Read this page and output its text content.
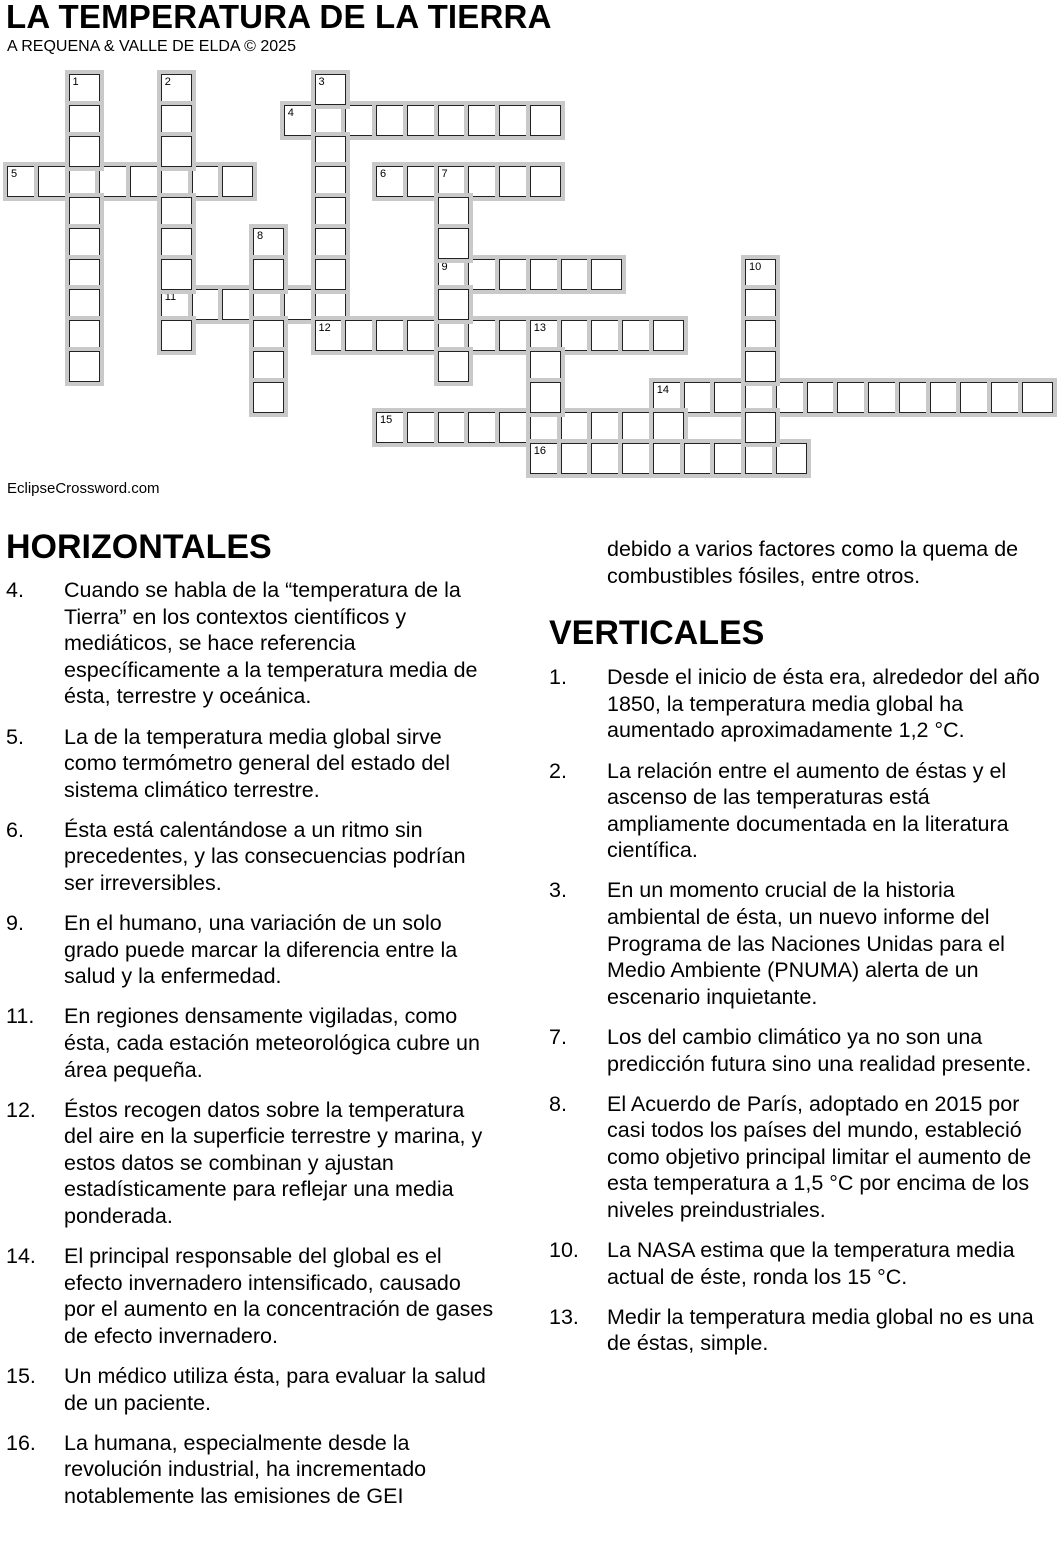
LA TEMPERATURA DE LA TIERRA
A REQUENA & VALLE DE ELDA © 2025
5
4
6	7
9
11
12	13
14
15
16
1	2	3
8
10
EclipseCrossword.com
HORIZONTALES
4.	Cuando se habla de la “temperatura de la Tierra” en los contextos científicos y mediáticos, se hace referencia específicamente a la temperatura media de ésta, terrestre y oceánica.
5.	La de la temperatura media global sirve como termómetro general del estado del sistema climático terrestre.
6.	Ésta está calentándose a un ritmo sin precedentes, y las consecuencias podrían ser irreversibles.
9.	En el humano, una variación de un solo grado puede marcar la diferencia entre la salud y la enfermedad.
11.	En regiones densamente vigiladas, como ésta, cada estación meteorológica cubre un área pequeña.
12.	Éstos recogen datos sobre la temperatura del aire en la superficie terrestre y marina, y estos datos se combinan y ajustan estadísticamente para reflejar una media ponderada.
14.	El principal responsable del global es el efecto invernadero intensificado, causado por el aumento en la concentración de gases de efecto invernadero.
15.	Un médico utiliza ésta, para evaluar la salud de un paciente.
16.	La humana, especialmente desde la revolución industrial, ha incrementado notablemente las emisiones de GEI
debido a varios factores como la quema de combustibles fósiles, entre otros.
VERTICALES
1.	Desde el inicio de ésta era, alrededor del año 1850, la temperatura media global ha aumentado aproximadamente 1,2 °C.
2.	La relación entre el aumento de éstas y el ascenso de las temperaturas está ampliamente documentada en la literatura científica.
3.	En un momento crucial de la historia ambiental de ésta, un nuevo informe del Programa de las Naciones Unidas para el Medio Ambiente (PNUMA) alerta de un escenario inquietante.
7.	Los del cambio climático ya no son una predicción futura sino una realidad presente.
8.	El Acuerdo de París, adoptado en 2015 por casi todos los países del mundo, estableció como objetivo principal limitar el aumento de esta temperatura a 1,5 °C por encima de los niveles preindustriales.
10.	La NASA estima que la temperatura media actual de éste, ronda los 15 °C.
13.	Medir la temperatura media global no es una de éstas, simple.
